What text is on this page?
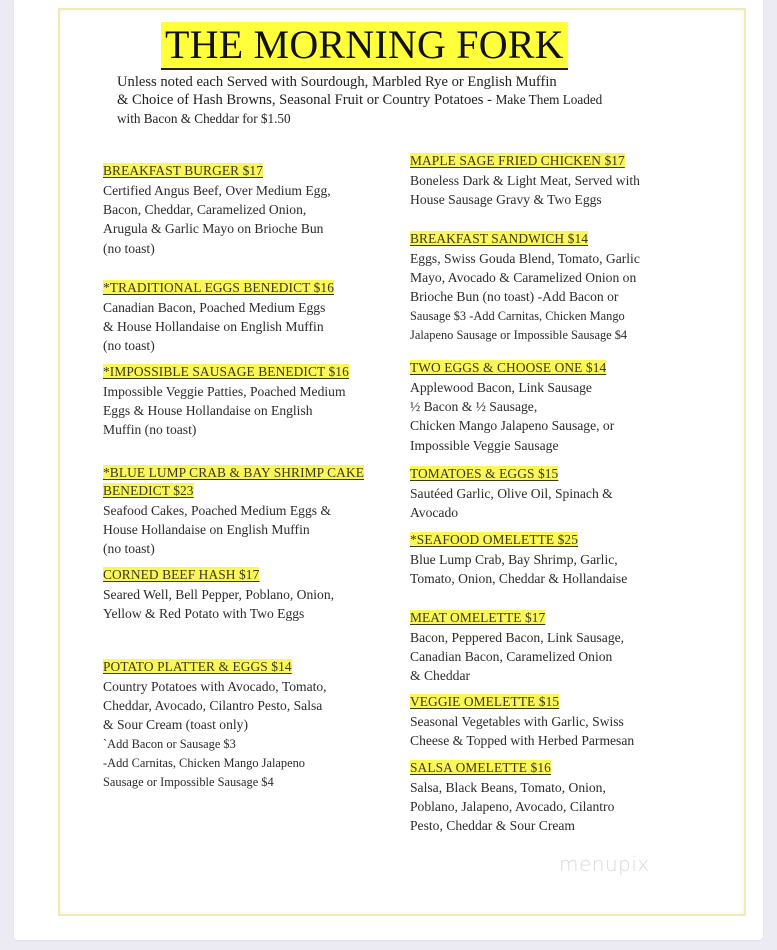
THE MORNING FORK
Unless noted each Served with Sourdough, Marbled Rye or English Muffin
& Choice of Hash Browns, Seasonal Fruit or Country Potatoes - Make Them Loaded
with Bacon & Cheddar for $1.50
BREAKFAST BURGER $17
Certified Angus Beef, Over Medium Egg,
Bacon, Cheddar, Caramelized Onion,
Arugula & Garlic Mayo on Brioche Bun
(no toast)
*TRADITIONAL EGGS BENEDICT $16
Canadian Bacon, Poached Medium Eggs
& House Hollandaise on English Muffin
(no toast)
*IMPOSSIBLE SAUSAGE BENEDICT $16
Impossible Veggie Patties, Poached Medium
Eggs & House Hollandaise on English
Muffin (no toast)
*BLUE LUMP CRAB & BAY SHRIMP CAKE
BENEDICT $23
Seafood Cakes, Poached Medium Eggs &
House Hollandaise on English Muffin
(no toast)
CORNED BEEF HASH $17
Seared Well, Bell Pepper, Poblano, Onion,
Yellow & Red Potato with Two Eggs
POTATO PLATTER & EGGS $14
Country Potatoes with Avocado, Tomato,
Cheddar, Avocado, Cilantro Pesto, Salsa
& Sour Cream (toast only)
`Add Bacon or Sausage $3
-Add Carnitas, Chicken Mango Jalapeno
Sausage or Impossible Sausage $4
MAPLE SAGE FRIED CHICKEN $17
Boneless Dark & Light Meat, Served with
House Sausage Gravy & Two Eggs
BREAKFAST SANDWICH $14
Eggs, Swiss Gouda Blend, Tomato, Garlic
Mayo, Avocado & Caramelized Onion on
Brioche Bun (no toast) -Add Bacon or
Sausage $3 -Add Carnitas, Chicken Mango
Jalapeno Sausage or Impossible Sausage $4
TWO EGGS & CHOOSE ONE $14
Applewood Bacon, Link Sausage
½ Bacon & ½ Sausage,
Chicken Mango Jalapeno Sausage, or
Impossible Veggie Sausage
TOMATOES & EGGS $15
Sautéed Garlic, Olive Oil, Spinach &
Avocado
*SEAFOOD OMELETTE $25
Blue Lump Crab, Bay Shrimp, Garlic,
Tomato, Onion, Cheddar & Hollandaise
MEAT OMELETTE $17
Bacon, Peppered Bacon, Link Sausage,
Canadian Bacon, Caramelized Onion
& Cheddar
VEGGIE OMELETTE $15
Seasonal Vegetables with Garlic, Swiss
Cheese & Topped with Herbed Parmesan
SALSA OMELETTE $16
Salsa, Black Beans, Tomato, Onion,
Poblano, Jalapeno, Avocado, Cilantro
Pesto, Cheddar & Sour Cream
menupix
